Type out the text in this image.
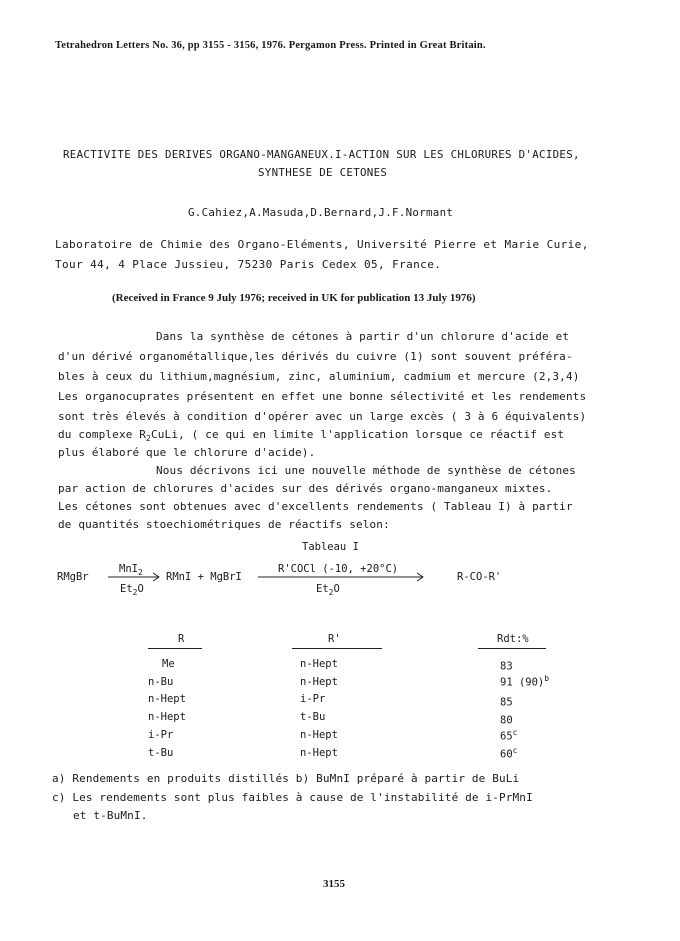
Tetrahedron Letters No. 36, pp 3155 - 3156, 1976. Pergamon Press. Printed in Great Britain.
REACTIVITE DES DERIVES ORGANO-MANGANEUX.I-ACTION SUR LES CHLORURES D'ACIDES,
SYNTHESE DE CETONES
G.Cahiez,A.Masuda,D.Bernard,J.F.Normant
Laboratoire de Chimie des Organo-Eléments, Université Pierre et Marie Curie,
Tour 44, 4 Place Jussieu, 75230 Paris Cedex 05, France.
(Received in France 9 July 1976; received in UK for publication 13 July 1976)
Dans la synthèse de cétones à partir d'un chlorure d'acide et
d'un dérivé organométallique,les dérivés du cuivre (1) sont souvent préféra-
bles à ceux du lithium,magnésium, zinc, aluminium, cadmium et mercure (2,3,4)
Les organocuprates présentent en effet une bonne sélectivité et les rendements
sont très élevés à condition d'opérer avec un large excès ( 3 à 6 équivalents)
du complexe $R_2CuLi$, ( ce qui en limite l'application lorsque ce réactif est
plus élaboré que le chlorure d'acide).
Nous décrivons ici une nouvelle méthode de synthèse de cétones
par action de chlorures d'acides sur des dérivés organo-manganeux mixtes.
Les cétones sont obtenues avec d'excellents rendements ( Tableau I) à partir
de quantités stoechiométriques de réactifs selon:
Tableau I
RMgBr
MnI$_2$
$Et_2O$
RMnI + MgBrI
R'COCl (-10, +20°C)
$Et_2O$
R-CO-R'
R	R'	Rdt:%
Me	n-Hept	83
n-Bu	n-Hept	91 $(90)^b$
n-Hept	i-Pr	85
n-Hept	t-Bu	80
i-Pr	n-Hept	65$^c$
t-Bu	n-Hept	60$^c$
a) Rendements en produits distillés b) BuMnI préparé à partir de BuLi
c) Les rendements sont plus faibles à cause de l'instabilité de i-PrMnI
et t-BuMnI.
3155
